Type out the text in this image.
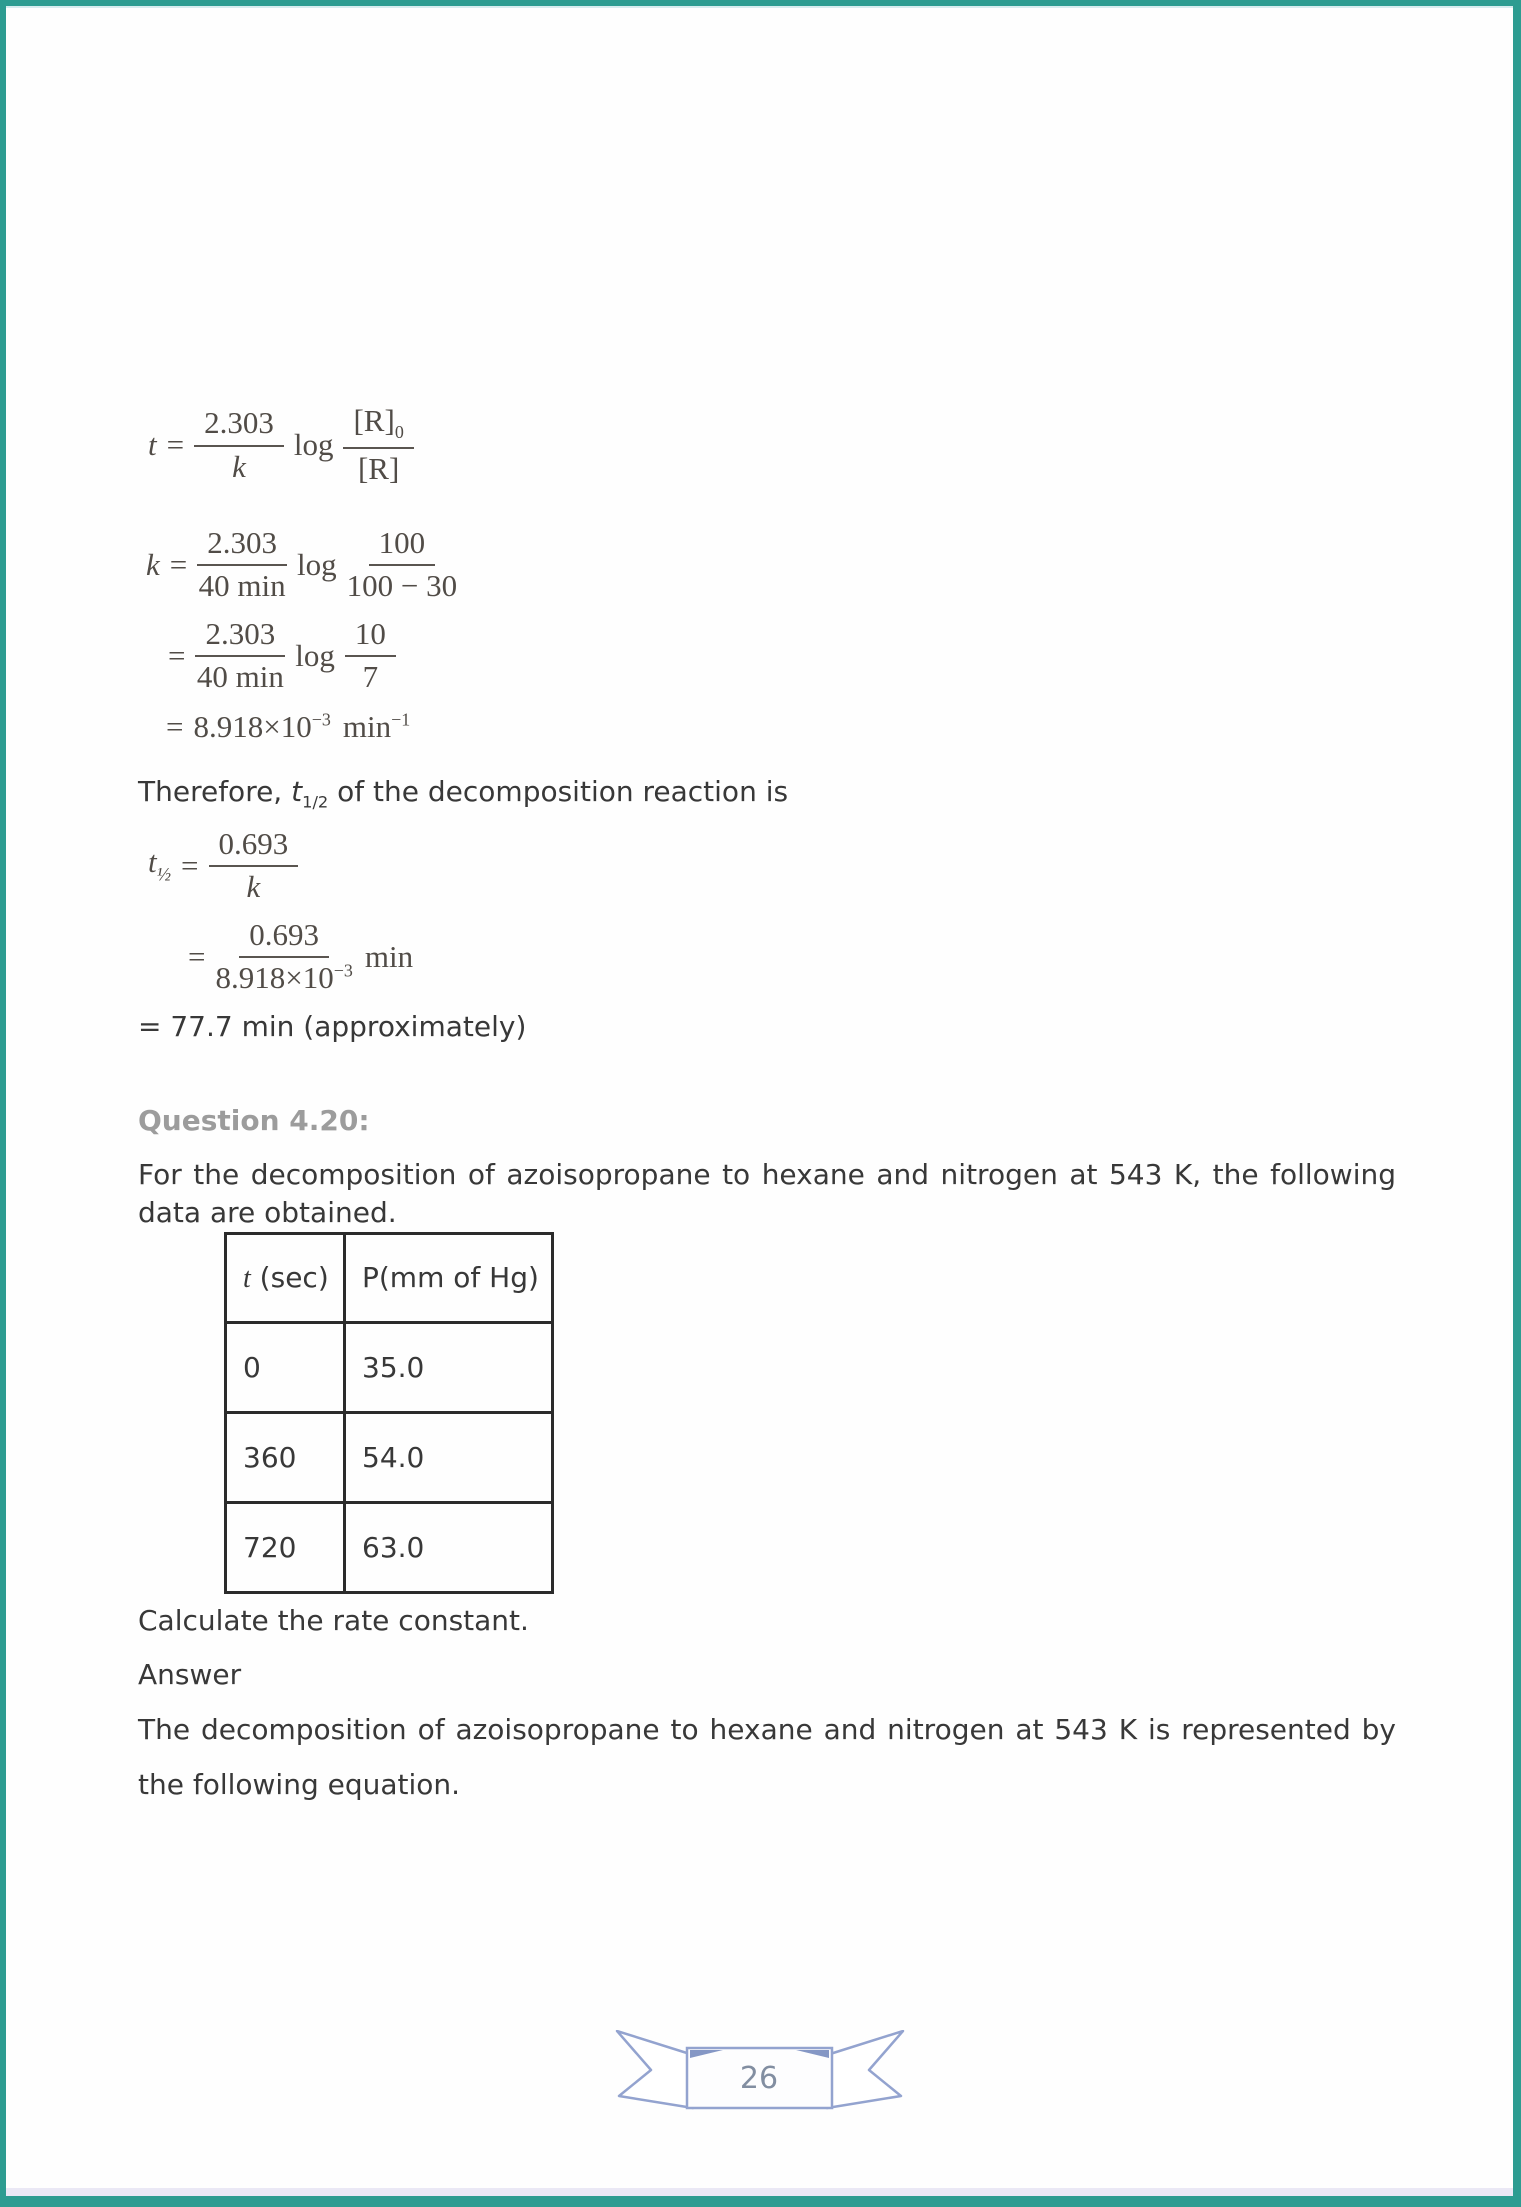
$t = \frac{2.303}{k}$ $\log \frac{[R]_0}{[R]}$
$k = \frac{2.303}{40 \min}$ $\log \frac{100}{100 - 30}$
= $\frac{2.303}{40 \min}$ $\log \frac{10}{7}$
= $8.918\times 10^{-3}$ $\min^{-1}$
Therefore, $t_{1/2}$ of the decomposition reaction is
$t_{\frac{1}{2}} = \frac{0.693}{k}$
= $\frac{0.693}{8.918\times 10^{-3}}$ min
= 77.7 min (approximately)
Question 4.20:
For the decomposition of azoisopropane to hexane and nitrogen at 543 K, the following
data are obtained.
t (sec)	P(mm of Hg)
0	35.0
360	54.0
720	63.0
Calculate the rate constant.
Answer
The decomposition of azoisopropane to hexane and nitrogen at 543 K is represented by
the following equation.
26
